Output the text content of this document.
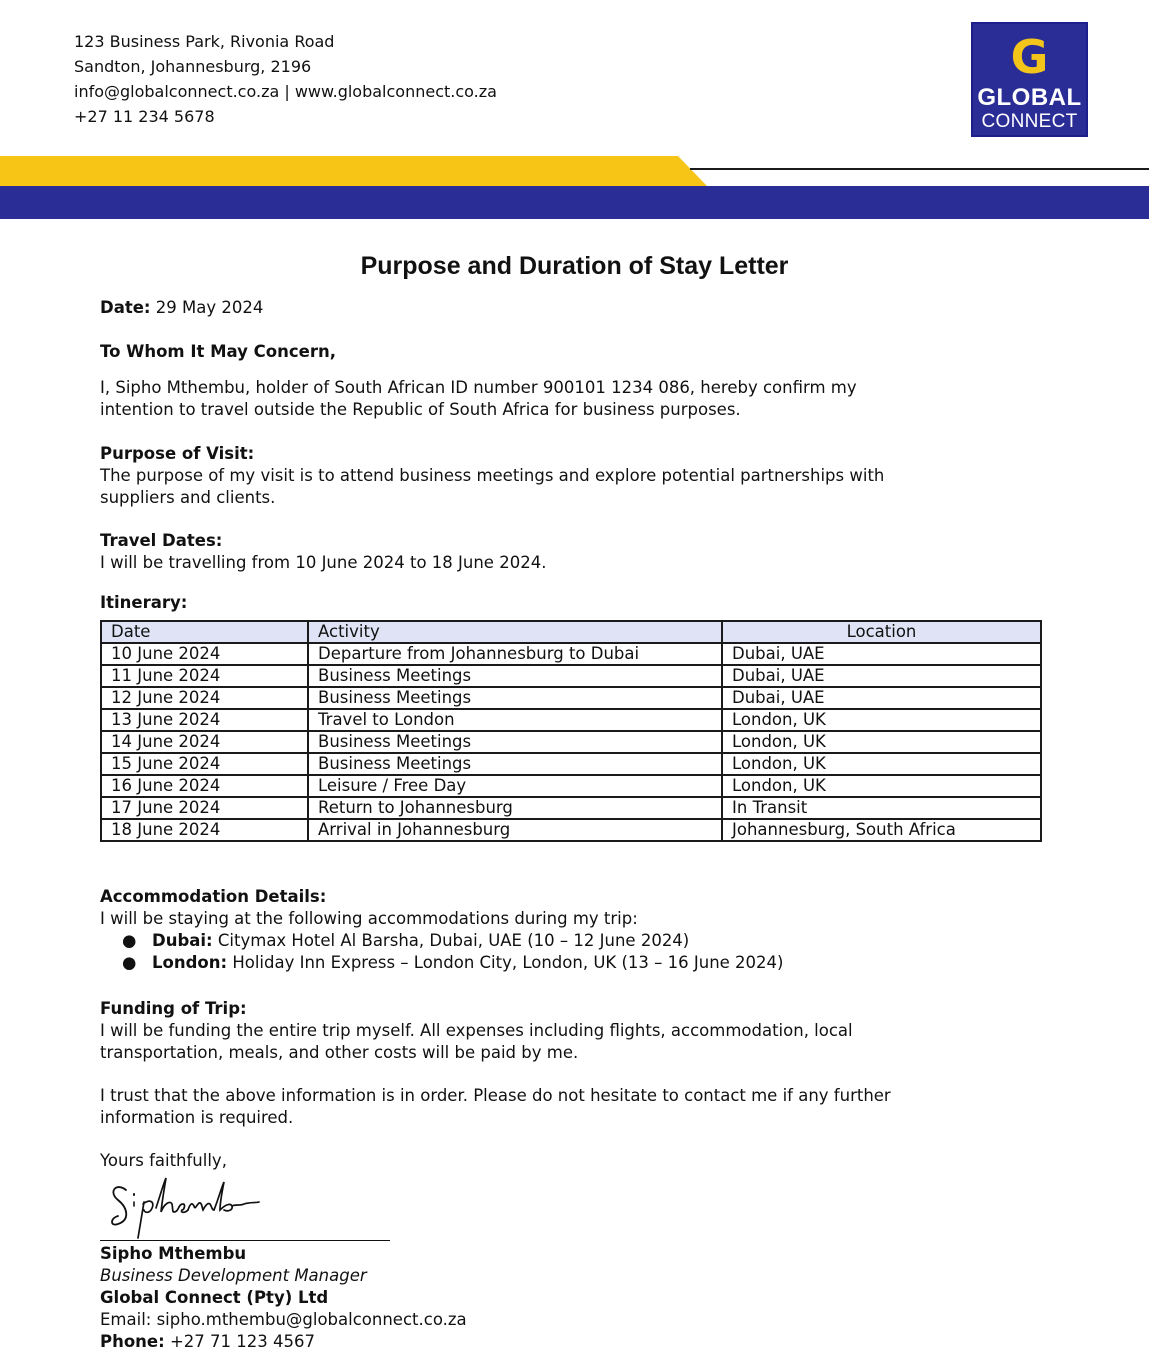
123 Business Park, Rivonia Road
Sandton, Johannesburg, 2196
info@globalconnect.co.za | www.globalconnect.co.za
+27 11 234 5678
G
GLOBAL
CONNECT
Purpose and Duration of Stay Letter
Date: 29 May 2024
To Whom It May Concern,
I, Sipho Mthembu, holder of South African ID number 900101 1234 086, hereby confirm my
intention to travel outside the Republic of South Africa for business purposes.
Purpose of Visit:
The purpose of my visit is to attend business meetings and explore potential partnerships with
suppliers and clients.
Travel Dates:
I will be travelling from 10 June 2024 to 18 June 2024.
Itinerary:
Date	Activity	Location
10 June 2024	Departure from Johannesburg to Dubai	Dubai, UAE
11 June 2024	Business Meetings	Dubai, UAE
12 June 2024	Business Meetings	Dubai, UAE
13 June 2024	Travel to London	London, UK
14 June 2024	Business Meetings	London, UK
15 June 2024	Business Meetings	London, UK
16 June 2024	Leisure / Free Day	London, UK
17 June 2024	Return to Johannesburg	In Transit
18 June 2024	Arrival in Johannesburg	Johannesburg, South Africa
Accommodation Details:
I will be staying at the following accommodations during my trip:
● Dubai: Citymax Hotel Al Barsha, Dubai, UAE (10 – 12 June 2024)
● London: Holiday Inn Express – London City, London, UK (13 – 16 June 2024)
Funding of Trip:
I will be funding the entire trip myself. All expenses including flights, accommodation, local
transportation, meals, and other costs will be paid by me.
I trust that the above information is in order. Please do not hesitate to contact me if any further
information is required.
Yours faithfully,
Sipho Mthembu
Business Development Manager
Global Connect (Pty) Ltd
Email: sipho.mthembu@globalconnect.co.za
Phone: +27 71 123 4567
